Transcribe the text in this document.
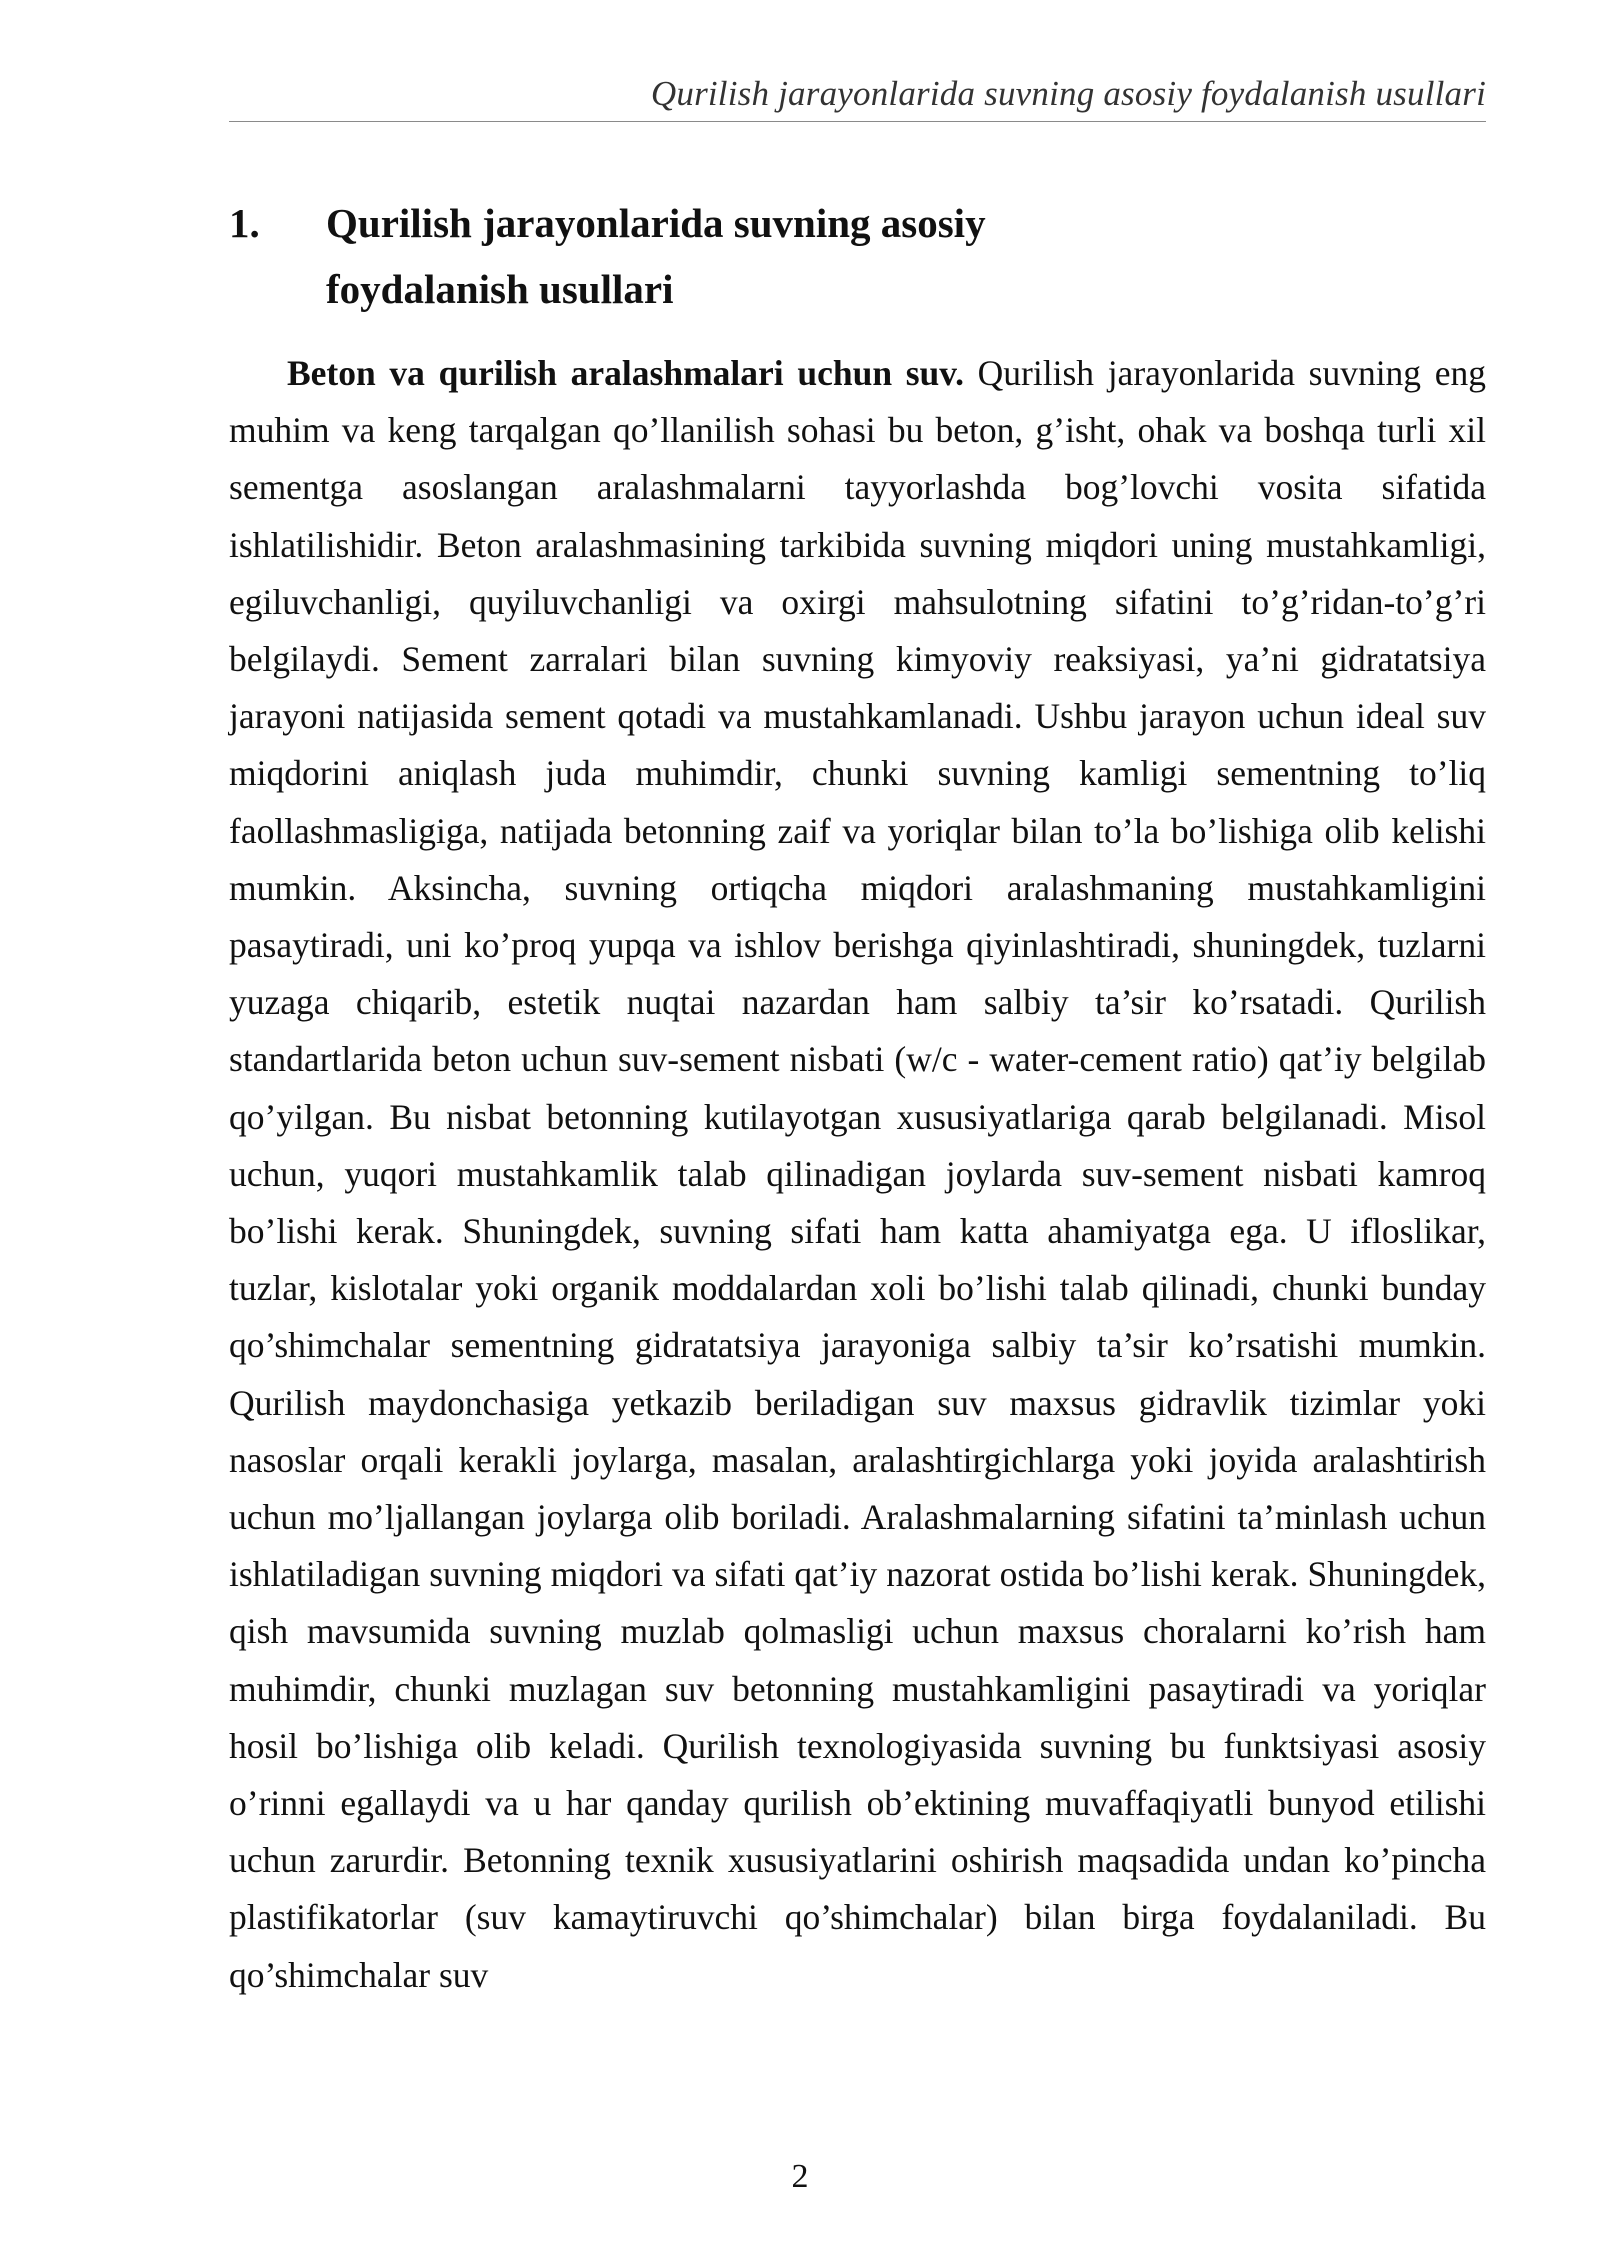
Qurilish jarayonlarida suvning asosiy foydalanish usullari
1. Qurilish jarayonlarida suvning asosiy foydalanish usullari

Beton va qurilish aralashmalari uchun suv. Qurilish jarayonlarida suvning eng muhim va keng tarqalgan qo’llanilish sohasi bu beton, g’isht, ohak va boshqa turli xil sementga asoslangan aralashmalarni tayyorlashda bog’lovchi vosita sifatida ishlatilishidir. Beton aralashmasining tarkibida suvning miqdori uning mustahkamligi, egiluvchanligi, quyiluvchanligi va oxirgi mahsulotning sifatini to’g’ridan-to’g’ri belgilaydi. Sement zarralari bilan suvning kimyoviy reaksiyasi, ya’ni gidratatsiya jarayoni natijasida sement qotadi va mustahkamlanadi. Ushbu jarayon uchun ideal suv miqdorini aniqlash juda muhimdir, chunki suvning kamligi sementning to’liq faollashmasligiga, natijada betonning zaif va yoriqlar bilan to’la bo’lishiga olib kelishi mumkin. Aksincha, suvning ortiqcha miqdori aralashmaning mustahkamligini pasaytiradi, uni ko’proq yupqa va ishlov berishga qiyinlashtiradi, shuningdek, tuzlarni yuzaga chiqarib, estetik nuqtai nazardan ham salbiy ta’sir ko’rsatadi. Qurilish standartlarida beton uchun suv-sement nisbati (w/c - water-cement ratio) qat’iy belgilab qo’yilgan. Bu nisbat betonning kutilayotgan xususiyatlariga qarab belgilanadi. Misol uchun, yuqori mustahkamlik talab qilinadigan joylarda suv-sement nisbati kamroq bo’lishi kerak. Shuningdek, suvning sifati ham katta ahamiyatga ega. U ifloslikar, tuzlar, kislotalar yoki organik moddalardan xoli bo’lishi talab qilinadi, chunki bunday qo’shimchalar sementning gidratatsiya jarayoniga salbiy ta’sir ko’rsatishi mumkin. Qurilish maydonchasiga yetkazib beriladigan suv maxsus gidravlik tizimlar yoki nasoslar orqali kerakli joylarga, masalan, aralashtirgichlarga yoki joyida aralashtirish uchun mo’ljallangan joylarga olib boriladi. Aralashmalarning sifatini ta’minlash uchun ishlatiladigan suvning miqdori va sifati qat’iy nazorat ostida bo’lishi kerak. Shuningdek, qish mavsumida suvning muzlab qolmasligi uchun maxsus choralarni ko’rish ham muhimdir, chunki muzlagan suv betonning mustahkamligini pasaytiradi va yoriqlar hosil bo’lishiga olib keladi. Qurilish texnologiyasida suvning bu funktsiyasi asosiy o’rinni egallaydi va u har qanday qurilish ob’ektining muvaffaqiyatli bunyod etilishi uchun zarurdir. Betonning texnik xususiyatlarini oshirish maqsadida undan ko’pincha plastifikatorlar (suv kamaytiruvchi qo’shimchalar) bilan birga foydalaniladi. Bu qo’shimchalar suv

2
